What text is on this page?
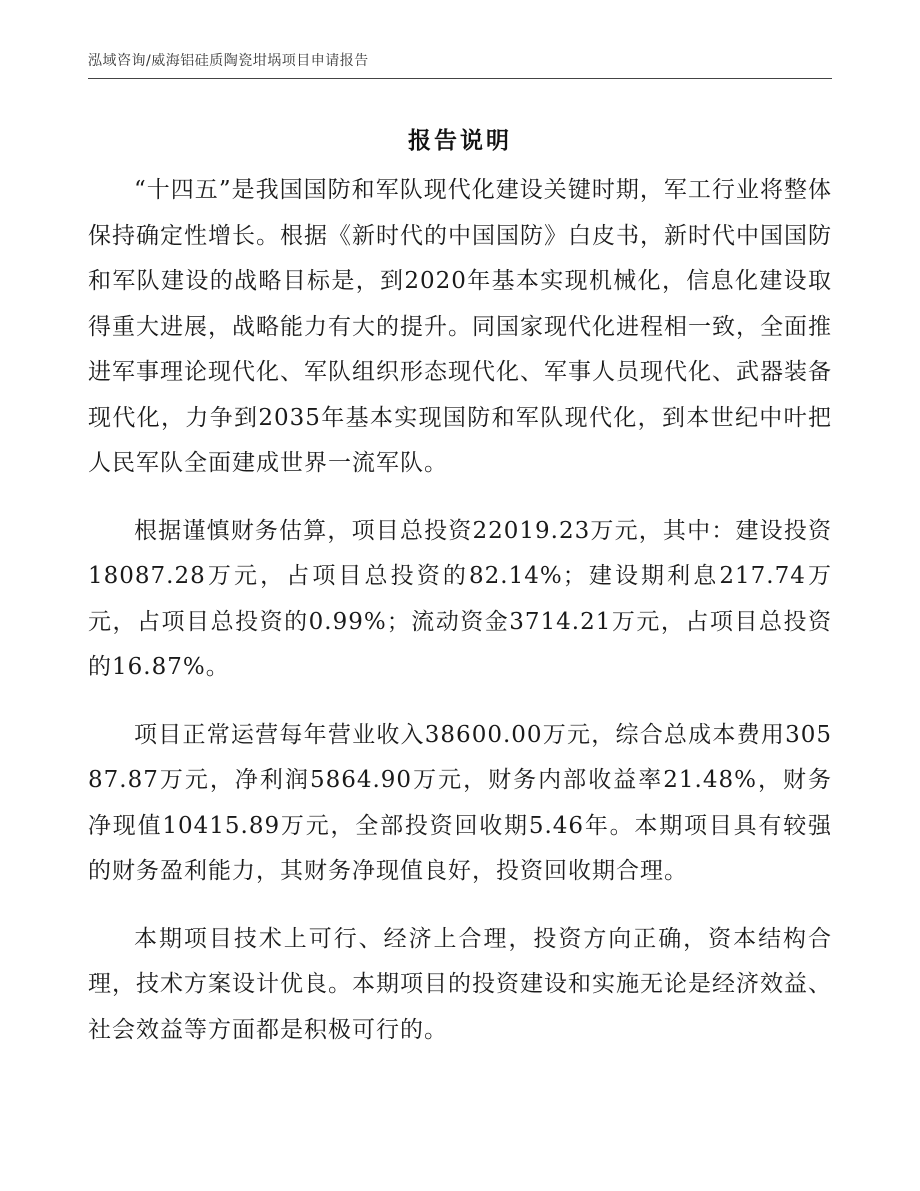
泓域咨询/威海铝硅质陶瓷坩埚项目申请报告
报告说明

“十四五”是我国国防和军队现代化建设关键时期，军工行业将整体保持确定性增长。根据《新时代的中国国防》白皮书，新时代中国国防和军队建设的战略目标是，到2020年基本实现机械化，信息化建设取得重大进展，战略能力有大的提升。同国家现代化进程相一致，全面推进军事理论现代化、军队组织形态现代化、军事人员现代化、武器装备现代化，力争到2035年基本实现国防和军队现代化，到本世纪中叶把人民军队全面建成世界一流军队。

根据谨慎财务估算，项目总投资22019.23万元，其中：建设投资18087.28万元，占项目总投资的82.14%；建设期利息217.74万元，占项目总投资的0.99%；流动资金3714.21万元，占项目总投资的16.87%。

项目正常运营每年营业收入38600.00万元，综合总成本费用30587.87万元，净利润5864.90万元，财务内部收益率21.48%，财务净现值10415.89万元，全部投资回收期5.46年。本期项目具有较强的财务盈利能力，其财务净现值良好，投资回收期合理。

本期项目技术上可行、经济上合理，投资方向正确，资本结构合理，技术方案设计优良。本期项目的投资建设和实施无论是经济效益、社会效益等方面都是积极可行的。
